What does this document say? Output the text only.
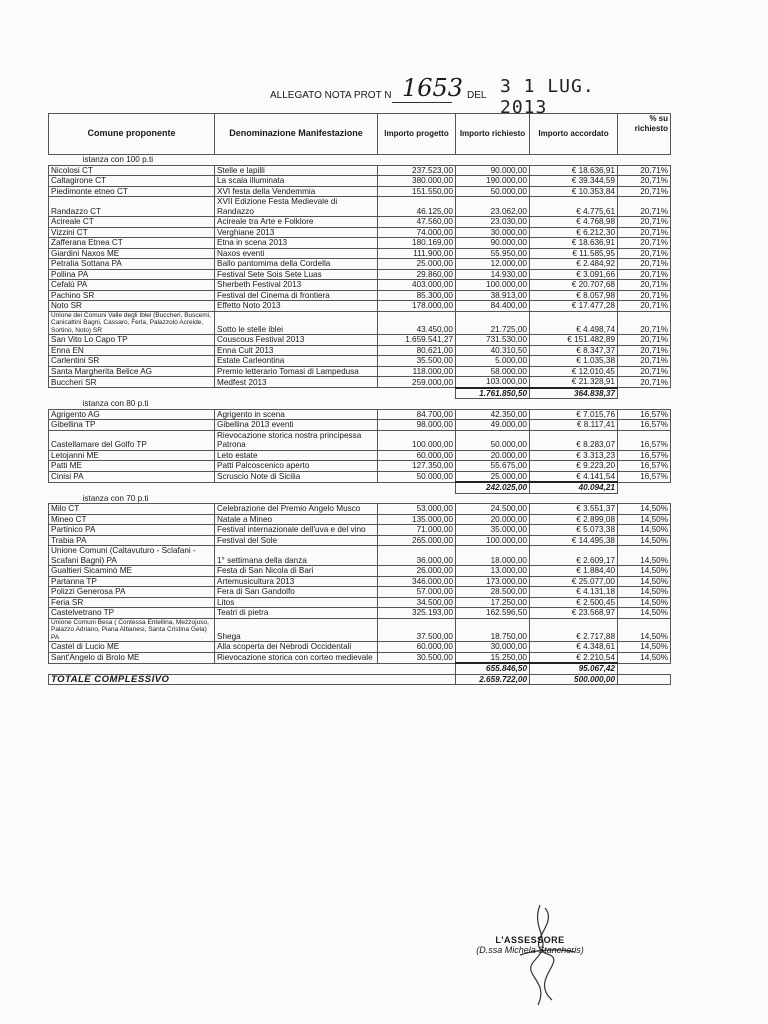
ALLEGATO NOTA PROT N 1653 DEL 3 1 LUG. 2013
Comune proponente	Denominazione Manifestazione	Importo progetto	Importo richiesto	Importo accordato	% su richiesto
istanza con 100 p.ti					
Nicolosi CT	Stelle e lapilli	237.523,00	90.000,00	€ 18.636,91	20,71%
Caltagirone CT	La scala illuminata	380.000,00	190.000,00	€ 39.344,59	20,71%
Piedimonte etneo CT	XVI festa della Vendemmia	151.550,00	50.000,00	€ 10.353,84	20,71%
Randazzo CT	XVII Edizione Festa Medievale di Randazzo	46.125,00	23.062,00	€ 4.775,61	20,71%
Acireale CT	Acireale tra Arte e Folklore	47.560,00	23.030,00	€ 4.768,98	20,71%
Vizzini CT	Verghiane 2013	74.000,00	30.000,00	€ 6.212,30	20,71%
Zafferana Etnea CT	Etna in scena 2013	180.169,00	90.000,00	€ 18.636,91	20,71%
Giardini Naxos ME	Naxos eventi	111.900,00	55.950,00	€ 11.585,95	20,71%
Petralia Sottana PA	Ballo pantomima della Cordella	25.000,00	12.000,00	€ 2.484,92	20,71%
Pollina PA	Festival Sete Sois Sete Luas	29.860,00	14.930,00	€ 3.091,66	20,71%
Cefalù PA	Sherbeth Festival 2013	403.000,00	100.000,00	€ 20.707,68	20,71%
Pachino SR	Festival del Cinema di frontiera	85.300,00	38.913,00	€ 8.057,98	20,71%
Noto SR	Effetto Noto 2013	178.000,00	84.400,00	€ 17.477,28	20,71%
Unione dei Comuni Valle degli Iblei (Buccheri, Buscemi, Canicattini Bagni, Cassaro, Ferla, Palazzolo Acreide, Sortino, Noto) SR	Sotto le stelle iblei	43.450,00	21.725,00	€ 4.498,74	20,71%
San Vito Lo Capo TP	Couscous Festival 2013	1.659.541,27	731.530,00	€ 151.482,89	20,71%
Enna EN	Enna Cult 2013	80.621,00	40.310,50	€ 8.347,37	20,71%
Carlentini SR	Estate Carleontina	35.500,00	5.000,00	€ 1.035,38	20,71%
Santa Margherita Belice AG	Premio letterario Tomasi di Lampedusa	118.000,00	58.000,00	€ 12.010,45	20,71%
Buccheri SR	Medfest 2013	259.000,00	103.000,00	€ 21.328,91	20,71%
			1.761.850,50	364.838,37	
istanza con 80 p.ti					
Agrigento AG	Agrigento in scena	84.700,00	42.350,00	€ 7.015,76	16,57%
Gibellina TP	Gibellina 2013 eventi	98.000,00	49.000,00	€ 8.117,41	16,57%
Castellamare del Golfo TP	Rievocazione storica nostra principessa Patrona	100.000,00	50.000,00	€ 8.283,07	16,57%
Letojanni ME	Leto estate	60.000,00	20.000,00	€ 3.313,23	16,57%
Patti ME	Patti Palcoscenico aperto	127.350,00	55.675,00	€ 9.223,20	16,57%
Cinisi PA	Scruscio Note di Sicilia	50.000,00	25.000,00	€ 4.141,54	16,57%
			242.025,00	40.094,21	
istanza con 70 p.ti					
Milo CT	Celebrazione del Premio Angelo Musco	53.000,00	24.500,00	€ 3.551,37	14,50%
Mineo CT	Natale a Mineo	135.000,00	20.000,00	€ 2.899,08	14,50%
Partinico PA	Festival internazionale dell'uva e del vino	71.000,00	35.000,00	€ 5.073,38	14,50%
Trabia PA	Festival del Sole	265.000,00	100.000,00	€ 14.495,38	14,50%
Unione Comuni (Caltavuturo - Sclafani - Scafani Bagni) PA	1° settimana della danza	36.000,00	18.000,00	€ 2.609,17	14,50%
Gualtieri Sicaminò ME	Festa di San Nicola di Bari	26.000,00	13.000,00	€ 1.884,40	14,50%
Partanna TP	Artemusicultura 2013	346.000,00	173.000,00	€ 25.077,00	14,50%
Polizzi Generosa PA	Fera di San Gandolfo	57.000,00	28.500,00	€ 4.131,18	14,50%
Feria SR	Litos	34.500,00	17.250,00	€ 2.500,45	14,50%
Castelvetrano TP	Teatri di pietra	325.193,00	162.596,50	€ 23.568,97	14,50%
Unione Comuni Besa ( Contessa Entellina, Mezzojuso, Palazzo Adriano, Piana Albanesi, Santa Cristina Gela) PA	Shega	37.500,00	18.750,00	€ 2.717,88	14,50%
Castel di Lucio ME	Alla scoperta dei Nebrodi Occidentali	60.000,00	30.000,00	€ 4.348,61	14,50%
Sant'Angelo di Brolo ME	Rievocazione storica con corteo medievale	30.500,00	15.250,00	€ 2.210,54	14,50%
			655.846,50	95.067,42	
TOTALE COMPLESSIVO			2.659.722,00	500.000,00	
L'ASSESSORE
(D.ssa Michela Stancheris)
